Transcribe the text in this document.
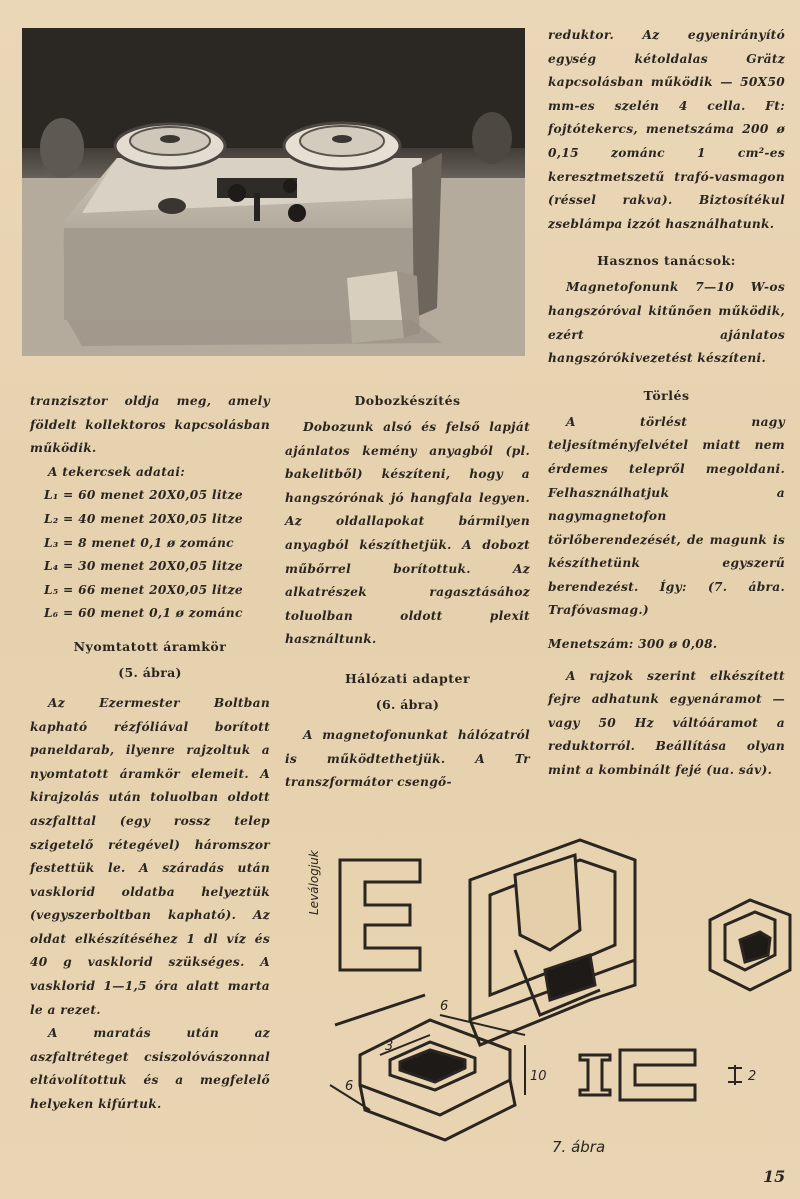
tranzisztor oldja meg, amely földelt kollektoros kapcsolásban működik.

A tekercsek adatai:

L₁ = 60 menet 20X0,05 litze
L₂ = 40 menet 20X0,05 litze
L₃ = 8 menet 0,1 ø zománc
L₄ = 30 menet 20X0,05 litze
L₅ = 66 menet 20X0,05 litze
L₆ = 60 menet 0,1 ø zománc
Nyomtatott áramkör
(5. ábra)

Az Ezermester Boltban kapható rézfóliával borított paneldarab, ilyenre rajzoltuk a nyomtatott áramkör elemeit. A kirajzolás után toluolban oldott aszfalttal (egy rossz telep szigetelő rétegével) háromszor festettük le. A száradás után vasklorid oldatba helyeztük (vegyszerboltban kapható). Az oldat elkészítéséhez 1 dl víz és 40 g vasklorid szükséges. A vasklorid 1—1,5 óra alatt marta le a rezet.

A maratás után az aszfaltréteget csiszolóvászonnal eltávolítottuk és a megfelelő helyeken kifúrtuk.

Dobozkészítés

Dobozunk alsó és felső lapját ajánlatos kemény anyagból (pl. bakelitből) készíteni, hogy a hangszórónak jó hangfala legyen. Az oldallapokat bármilyen anyagból készíthetjük. A dobozt műbőrrel borítottuk. Az alkatrészek ragasztásához toluolban oldott plexit használtunk.

Hálózati adapter
(6. ábra)

A magnetofonunkat hálózatról is működtethetjük. A Tr transzformátor csengő-

reduktor. Az egyenirányító egység kétoldalas Grätz kapcsolásban működik — 50X50 mm-es szelén 4 cella. Ft: fojtótekercs, menetszáma 200 ø 0,15 zománc 1 cm²-es keresztmetszetű trafó-vasmagon (réssel rakva). Biztosítékul zseblámpa izzót használhatunk.

Hasznos tanácsok:

Magnetofonunk 7—10 W-os hangszóróval kitűnően működik, ezért ajánlatos hangszórókivezetést készíteni.

Törlés

A törlést nagy teljesítményfelvétel miatt nem érdemes telepről megoldani. Felhasználhatjuk a nagymagnetofon törlőberendezését, de magunk is készíthetünk egyszerű berendezést. Így: (7. ábra. Trafóvasmag.)

Menetszám: 300 ø 0,08.

A rajzok szerint elkészített fejre adhatunk egyenáramot — vagy 50 Hz váltóáramot a reduktorról. Beállítása olyan mint a kombinált fejé (ua. sáv).

Leválogjuk
2
6
6
10
3
7. ábra
15
